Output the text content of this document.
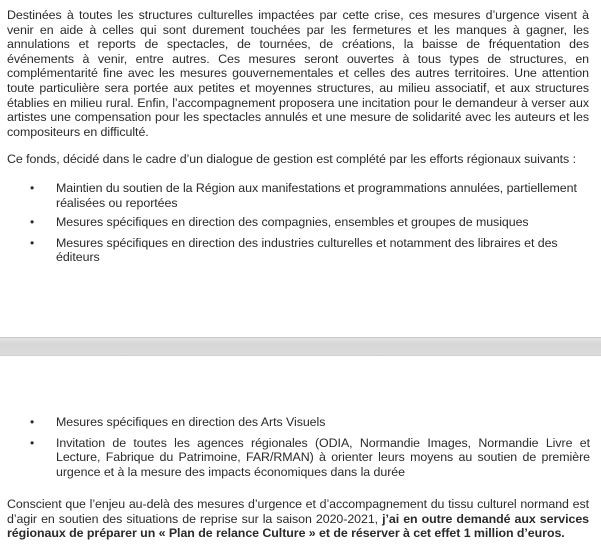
Destinées à toutes les structures culturelles impactées par cette crise, ces mesures d’urgence visent à venir en aide à celles qui sont durement touchées par les fermetures et les manques à gagner, les annulations et reports de spectacles, de tournées, de créations, la baisse de fréquentation des événements à venir, entre autres. Ces mesures seront ouvertes à tous types de structures, en complémentarité fine avec les mesures gouvernementales et celles des autres territoires. Une attention toute particulière sera portée aux petites et moyennes structures, au milieu associatif, et aux structures établies en milieu rural. Enfin, l’accompagnement proposera une incitation pour le demandeur à verser aux artistes une compensation pour les spectacles annulés et une mesure de solidarité avec les auteurs et les compositeurs en difficulté.

Ce fonds, décidé dans le cadre d’un dialogue de gestion est complété par les efforts régionaux suivants :

• Maintien du soutien de la Région aux manifestations et programmations annulées, partiellement réalisées ou reportées
• Mesures spécifiques en direction des compagnies, ensembles et groupes de musiques
• Mesures spécifiques en direction des industries culturelles et notamment des libraires et des éditeurs
• Mesures spécifiques en direction des Arts Visuels
• Invitation de toutes les agences régionales (ODIA, Normandie Images, Normandie Livre et Lecture, Fabrique du Patrimoine, FAR/RMAN) à orienter leurs moyens au soutien de première urgence et à la mesure des impacts économiques dans la durée

Conscient que l’enjeu au-delà des mesures d’urgence et d’accompagnement du tissu culturel normand est d’agir en soutien des situations de reprise sur la saison 2020-2021, j’ai en outre demandé aux services régionaux de préparer un « Plan de relance Culture » et de réserver à cet effet 1 million d’euros.
